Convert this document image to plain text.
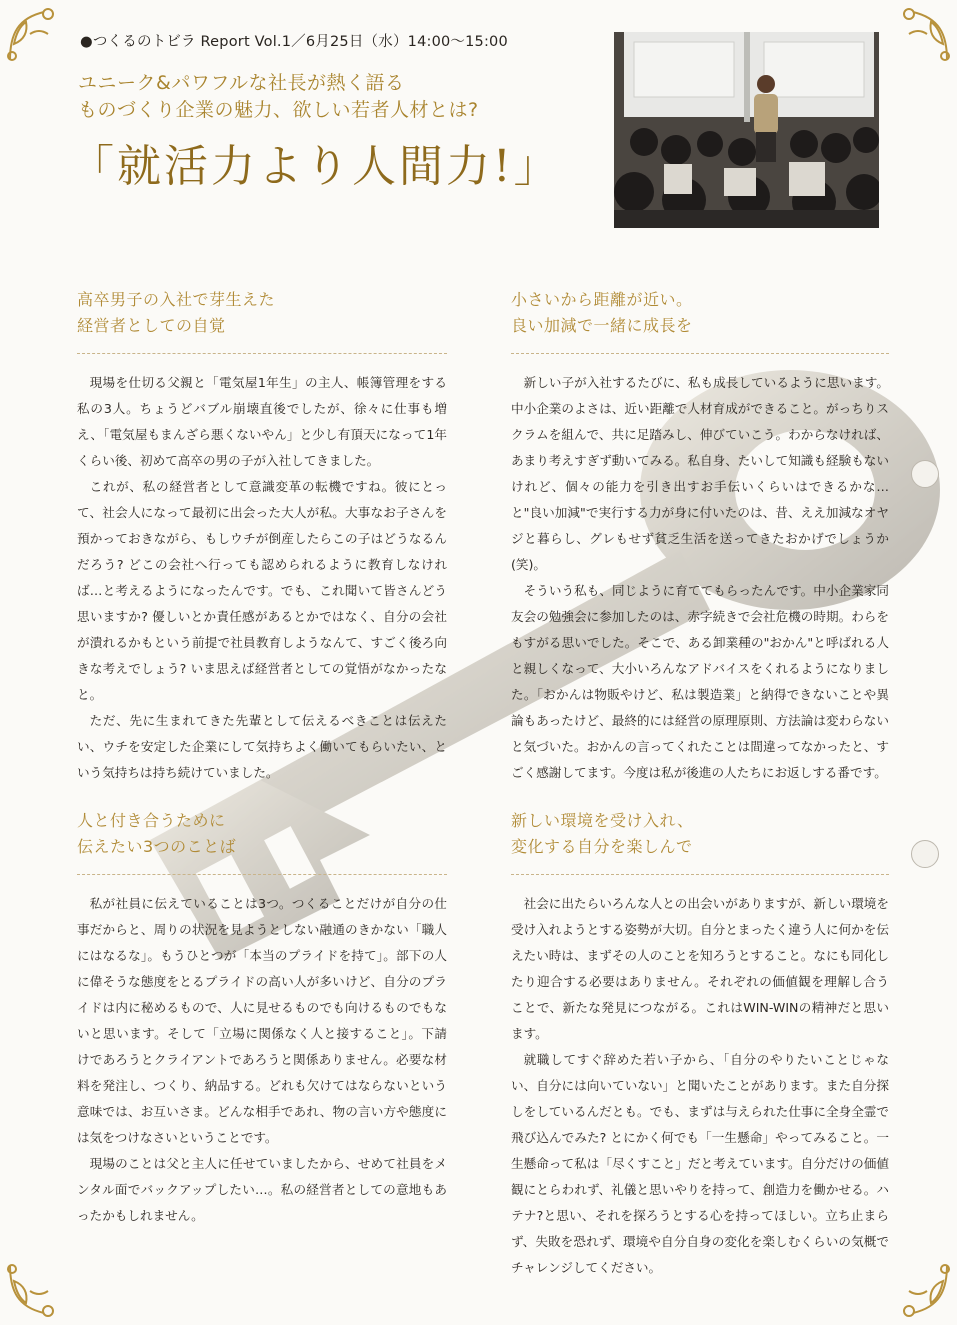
●つくるのトビラ Report Vol.1／6月25日（水）14:00〜15:00
ユニーク&パワフルな社長が熱く語る
ものづくり企業の魅力、欲しい若者人材とは?
「就活力より人間力!」
高卒男子の入社で芽生えた
経営者としての自覚

現場を仕切る父親と「電気屋1年生」の主人、帳簿管理をする私の3人。ちょうどバブル崩壊直後でしたが、徐々に仕事も増え、「電気屋もまんざら悪くないやん」と少し有頂天になって1年くらい後、初めて高卒の男の子が入社してきました。

これが、私の経営者として意識変革の転機ですね。彼にとって、社会人になって最初に出会った大人が私。大事なお子さんを預かっておきながら、もしウチが倒産したらこの子はどうなるんだろう? どこの会社へ行っても認められるように教育しなければ…と考えるようになったんです。でも、これ聞いて皆さんどう思いますか? 優しいとか責任感があるとかではなく、自分の会社が潰れるかもという前提で社員教育しようなんて、すごく後ろ向きな考えでしょう? いま思えば経営者としての覚悟がなかったなと。

ただ、先に生まれてきた先輩として伝えるべきことは伝えたい、ウチを安定した企業にして気持ちよく働いてもらいたい、という気持ちは持ち続けていました。

人と付き合うために
伝えたい3つのことば

私が社員に伝えていることは3つ。つくることだけが自分の仕事だからと、周りの状況を見ようとしない融通のきかない「職人にはなるな」。もうひとつが「本当のプライドを持て」。部下の人に偉そうな態度をとるプライドの高い人が多いけど、自分のプライドは内に秘めるもので、人に見せるものでも向けるものでもないと思います。そして「立場に関係なく人と接すること」。下請けであろうとクライアントであろうと関係ありません。必要な材料を発注し、つくり、納品する。どれも欠けてはならないという意味では、お互いさま。どんな相手であれ、物の言い方や態度には気をつけなさいということです。

現場のことは父と主人に任せていましたから、せめて社員をメンタル面でバックアップしたい…。私の経営者としての意地もあったかもしれません。

小さいから距離が近い。
良い加減で一緒に成長を

新しい子が入社するたびに、私も成長しているように思います。中小企業のよさは、近い距離で人材育成ができること。がっちりスクラムを組んで、共に足踏みし、伸びていこう。わからなければ、あまり考えすぎず動いてみる。私自身、たいして知識も経験もないけれど、個々の能力を引き出すお手伝いくらいはできるかな…と"良い加減"で実行する力が身に付いたのは、昔、ええ加減なオヤジと暮らし、グレもせず貧乏生活を送ってきたおかげでしょうか(笑)。

そういう私も、同じように育ててもらったんです。中小企業家同友会の勉強会に参加したのは、赤字続きで会社危機の時期。わらをもすがる思いでした。そこで、ある卸業種の"おかん"と呼ばれる人と親しくなって、大小いろんなアドバイスをくれるようになりました。「おかんは物販やけど、私は製造業」と納得できないことや異論もあったけど、最終的には経営の原理原則、方法論は変わらないと気づいた。おかんの言ってくれたことは間違ってなかったと、すごく感謝してます。今度は私が後進の人たちにお返しする番です。

新しい環境を受け入れ、
変化する自分を楽しんで

社会に出たらいろんな人との出会いがありますが、新しい環境を受け入れようとする姿勢が大切。自分とまったく違う人に何かを伝えたい時は、まずその人のことを知ろうとすること。なにも同化したり迎合する必要はありません。それぞれの価値観を理解し合うことで、新たな発見につながる。これはWIN-WINの精神だと思います。

就職してすぐ辞めた若い子から、「自分のやりたいことじゃない、自分には向いていない」と聞いたことがあります。また自分探しをしているんだとも。でも、まずは与えられた仕事に全身全霊で飛び込んでみた? とにかく何でも「一生懸命」やってみること。一生懸命って私は「尽くすこと」だと考えています。自分だけの価値観にとらわれず、礼儀と思いやりを持って、創造力を働かせる。ハテナ?と思い、それを探ろうとする心を持ってほしい。立ち止まらず、失敗を恐れず、環境や自分自身の変化を楽しむくらいの気概でチャレンジしてください。
